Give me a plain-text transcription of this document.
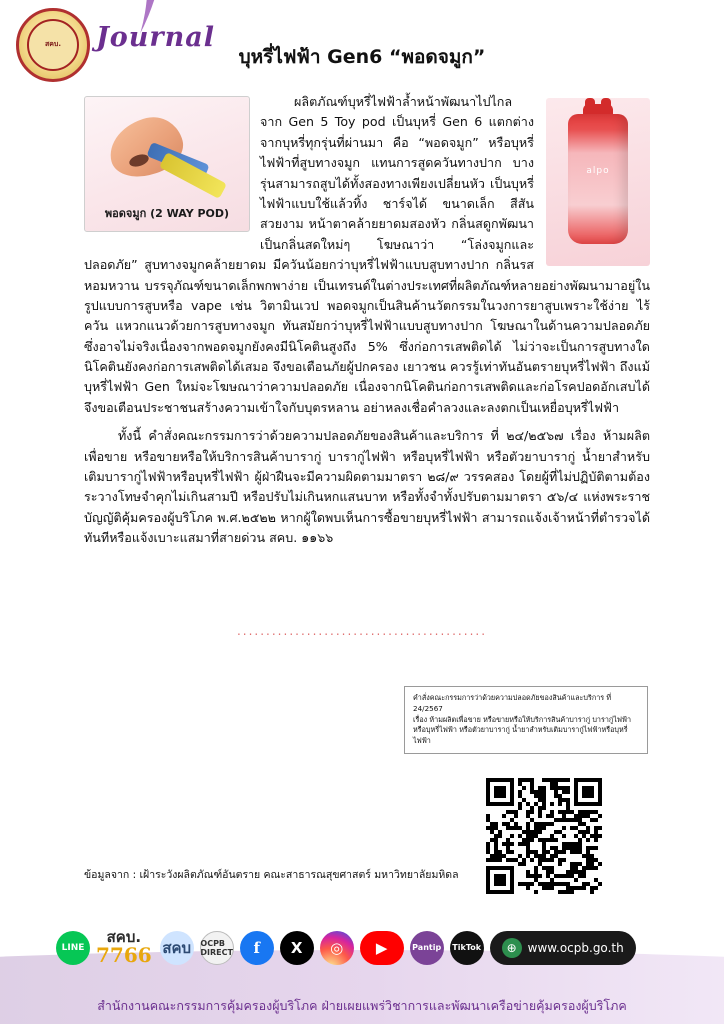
สคบ.	Journal
บุหรี่ไฟฟ้า Gen6 “พอดจมูก”
alpo
พอดจมูก (2 WAY POD)

ผลิตภัณฑ์บุหรี่ไฟฟ้าล้ำหน้าพัฒนาไปไกลจาก Gen 5 Toy pod เป็นบุหรี่ Gen 6 แตกต่างจากบุหรี่ทุกรุ่นที่ผ่านมา คือ “พอดจมูก” หรือบุหรี่ไฟฟ้าที่สูบทางจมูก แทนการสูดควันทางปาก บางรุ่นสามารถสูบได้ทั้งสองทางเพียงเปลี่ยนหัว เป็นบุหรี่ไฟฟ้าแบบใช้แล้วทิ้ง ชาร์จได้ ขนาดเล็ก สีสันสวยงาม หน้าตาคล้ายยาดมสองหัว กลิ่นสดูกพัฒนาเป็นกลิ่นสดใหม่ๆ โฆษณาว่า “โล่งจมูกและปลอดภัย” สูบทางจมูกคล้ายยาดม มีควันน้อยกว่าบุหรี่ไฟฟ้าแบบสูบทางปาก กลิ่นรสหอมหวาน บรรจุภัณฑ์ขนาดเล็กพกพาง่าย เป็นเทรนด์ในต่างประเทศที่ผลิตภัณฑ์หลายอย่างพัฒนามาอยู่ในรูปแบบการสูบหรือ vape เช่น วิตามินเวป พอดจมูกเป็นสินค้านวัตกรรมในวงการยาสูบเพราะใช้ง่าย ไร้ควัน แหวกแนวด้วยการสูบทางจมูก ทันสมัยกว่าบุหรี่ไฟฟ้าแบบสูบทางปาก โฆษณาในด้านความปลอดภัย ซึ่งอาจไม่จริงเนื่องจากพอดจมูกยังคงมีนิโคตินสูงถึง 5% ซึ่งก่อการเสพติดได้ ไม่ว่าจะเป็นการสูบทางใด นิโคตินยังคงก่อการเสพติดได้เสมอ จึงขอเตือนภัยผู้ปกครอง เยาวชน ควรรู้เท่าทันอันตรายบุหรี่ไฟฟ้า ถึงแม้บุหรี่ไฟฟ้า Gen ใหม่จะโฆษณาว่าความปลอดภัย เนื่องจากนิโคตินก่อการเสพติดและก่อโรคปอดอักเสบได้ จึงขอเตือนประชาชนสร้างความเข้าใจกับบุตรหลาน อย่าหลงเชื่อคำลวงและลงตกเป็นเหยื่อบุหรี่ไฟฟ้า

ทั้งนี้ คำสั่งคณะกรรมการว่าด้วยความปลอดภัยของสินค้าและบริการ ที่ ๒๔/๒๕๖๗ เรื่อง ห้ามผลิตเพื่อขาย หรือขายหรือให้บริการสินค้าบารากู่ บารากู่ไฟฟ้า หรือบุหรี่ไฟฟ้า หรือตัวยาบารากู่ น้ำยาสำหรับเติมบารากู่ไฟฟ้าหรือบุหรี่ไฟฟ้า ผู้ฝ่าฝืนจะมีความผิดตามมาตรา ๒๘/๙ วรรคสอง โดยผู้ที่ไม่ปฏิบัติตามต้องระวางโทษจำคุกไม่เกินสามปี หรือปรับไม่เกินหกแสนบาท หรือทั้งจำทั้งปรับตามมาตรา ๕๖/๔ แห่งพระราชบัญญัติคุ้มครองผู้บริโภค พ.ศ.๒๕๒๒ หากผู้ใดพบเห็นการซื้อขายบุหรี่ไฟฟ้า สามารถแจ้งเจ้าหน้าที่ตำรวจได้ทันทีหรือแจ้งเบาะแสมาที่สายด่วน สคบ. ๑๑๖๖

...........................................
คำสั่งคณะกรรมการว่าด้วยความปลอดภัยของสินค้าและบริการ ที่ 24/2567
เรื่อง ห้ามผลิตเพื่อขาย หรือขายหรือให้บริการสินค้าบารากู่ บารากู่ไฟฟ้า
หรือบุหรี่ไฟฟ้า หรือตัวยาบารากู่ น้ำยาสำหรับเติมบารากู่ไฟฟ้าหรือบุหรี่ไฟฟ้า
ข้อมูลจาก : เฝ้าระวังผลิตภัณฑ์อันตราย คณะสาธารณสุขศาสตร์ มหาวิทยาลัยมหิดล
LINE
สคบ.
7766 สคบ OCPB DIRECT f X ◎ ▶	Pantip TikTok	⊕ www.ocpb.go.th
สำนักงานคณะกรรมการคุ้มครองผู้บริโภค ฝ่ายเผยแพร่วิชาการและพัฒนาเครือข่ายคุ้มครองผู้บริโภค
